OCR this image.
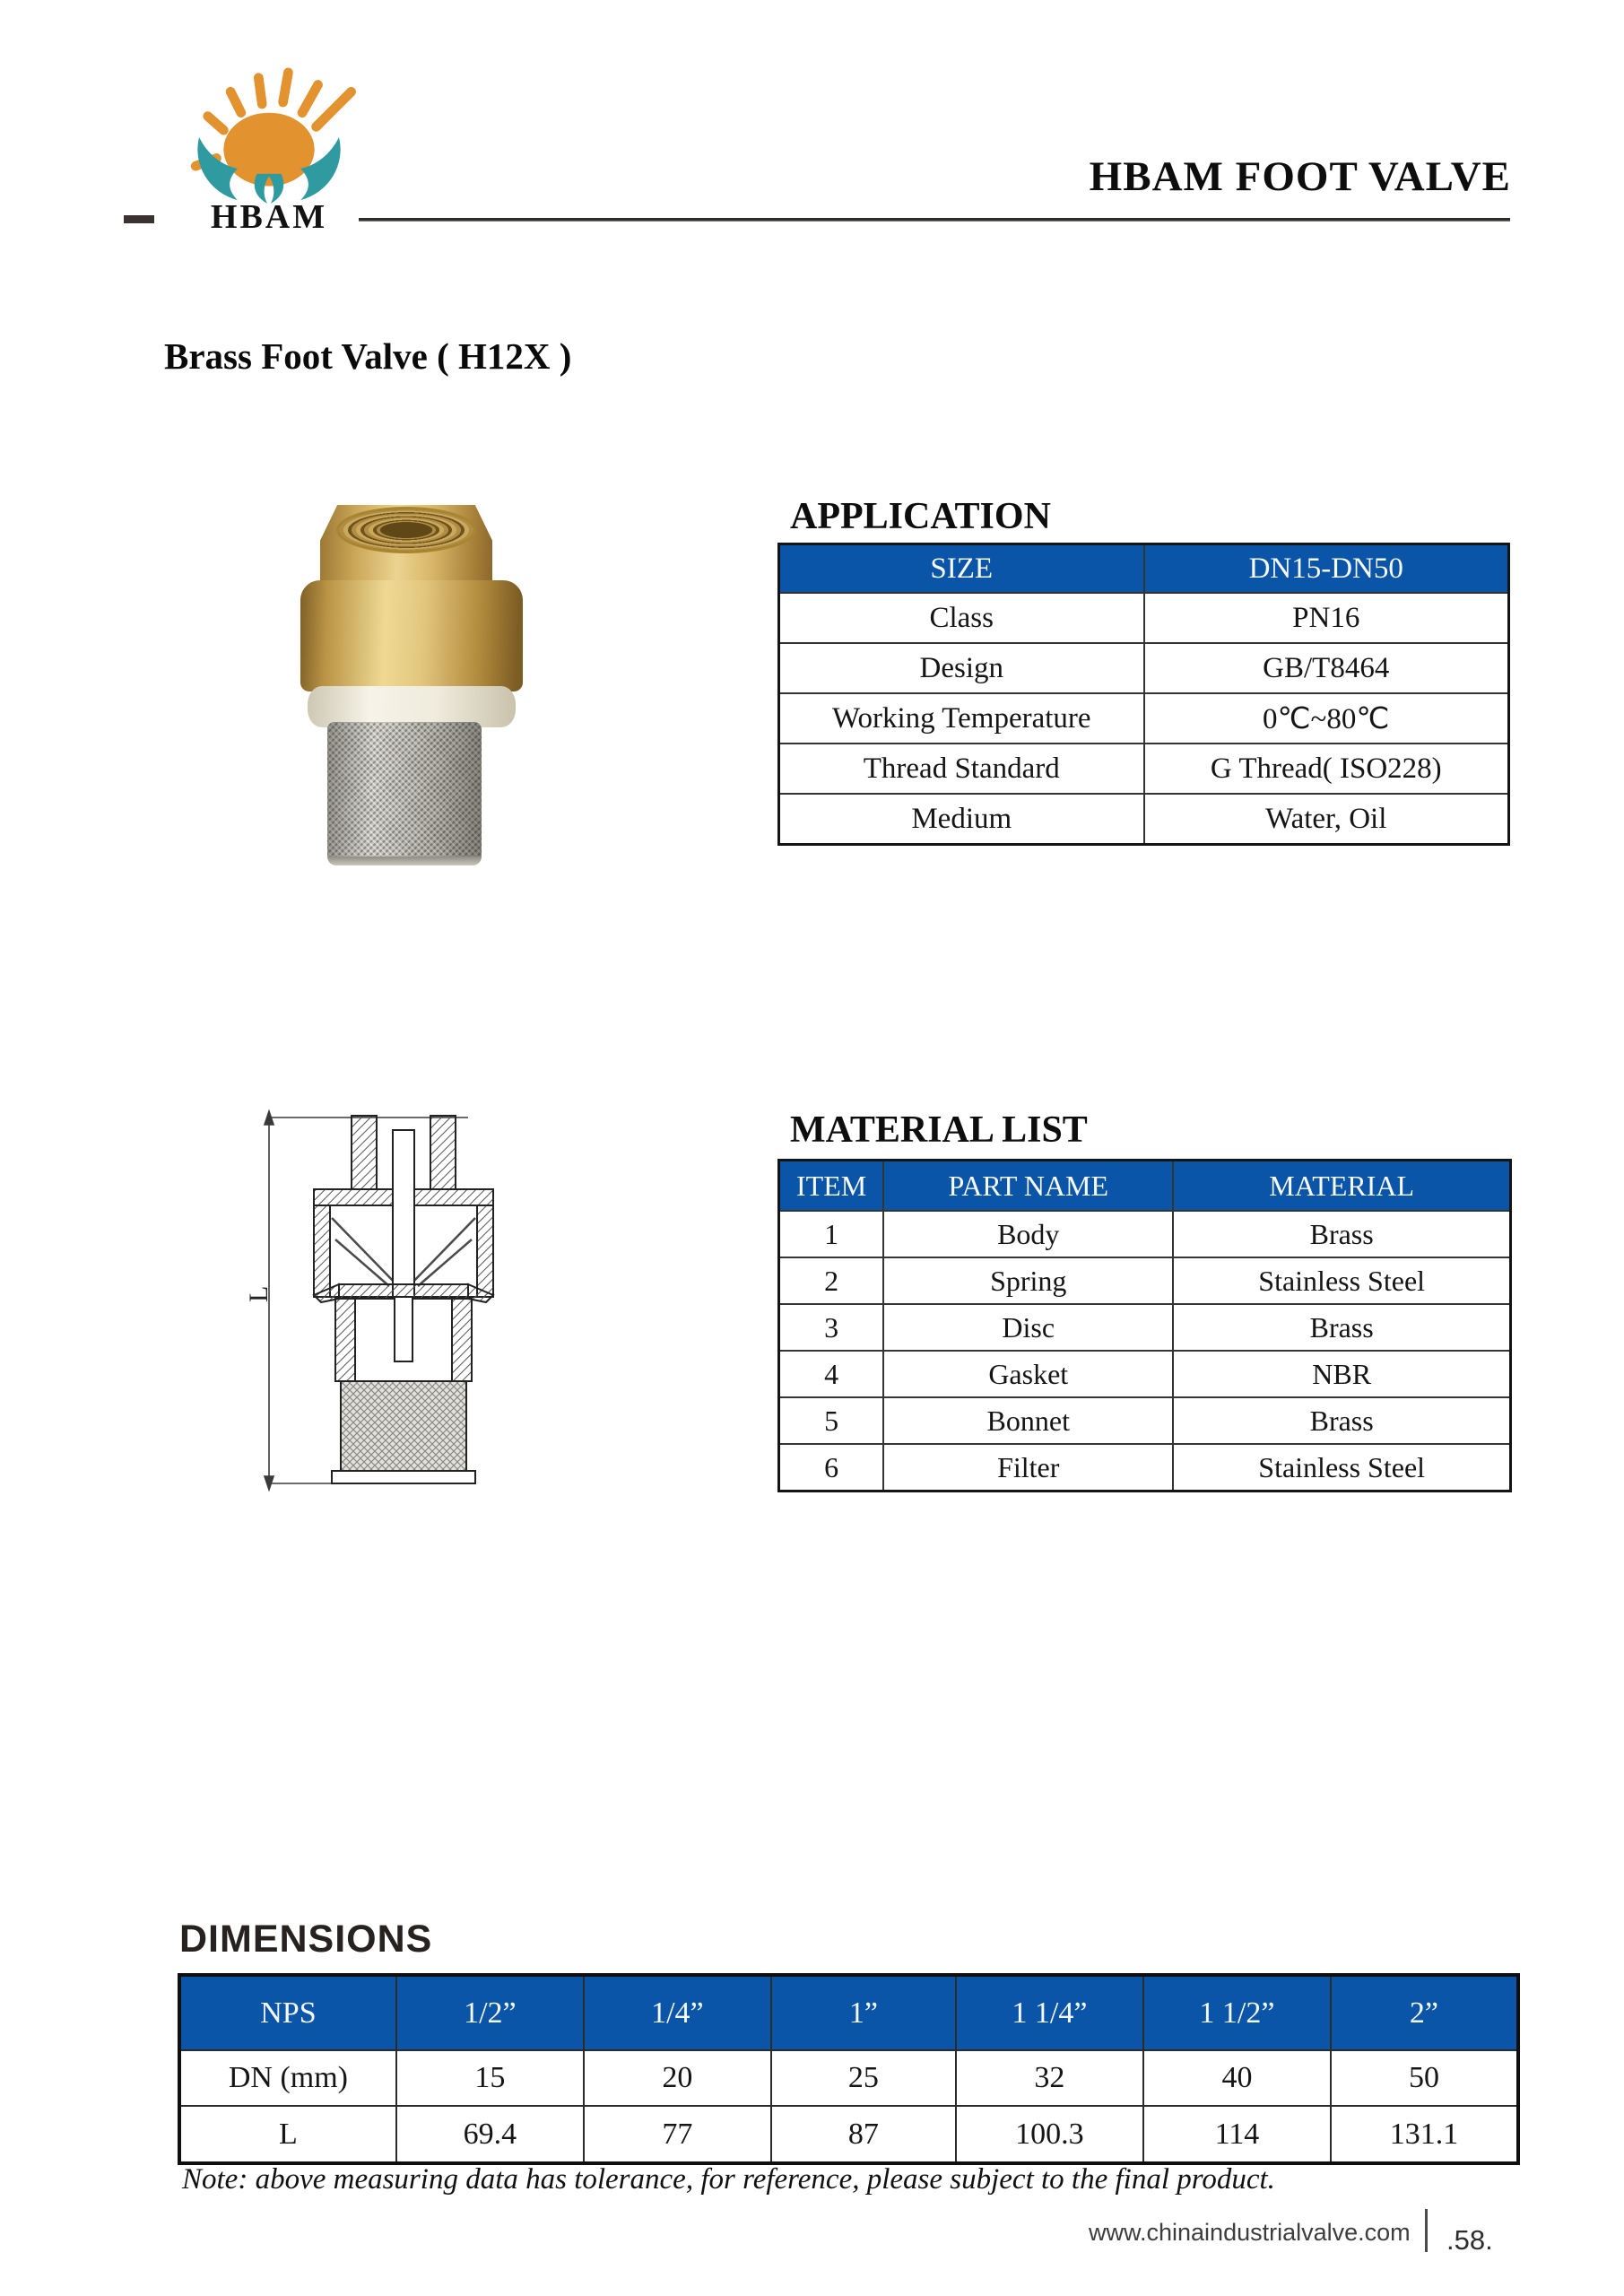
HBAM
HBAM FOOT VALVE
Brass Foot Valve ( H12X )
APPLICATION
SIZE	DN15-DN50
Class	PN16
Design	GB/T8464
Working Temperature	0℃~80℃
Thread Standard	G Thread( ISO228)
Medium	Water, Oil
MATERIAL LIST
L
ITEM	PART NAME	MATERIAL
1	Body	Brass
2	Spring	Stainless Steel
3	Disc	Brass
4	Gasket	NBR
5	Bonnet	Brass
6	Filter	Stainless Steel
DIMENSIONS
NPS	1/2”	1/4”	1”	1 1/4”	1 1/2”	2”
DN (mm)	15	20	25	32	40	50
L	69.4	77	87	100.3	114	131.1
Note: above measuring data has tolerance, for reference, please subject to the final product.
www.chinaindustrialvalve.com .58.
